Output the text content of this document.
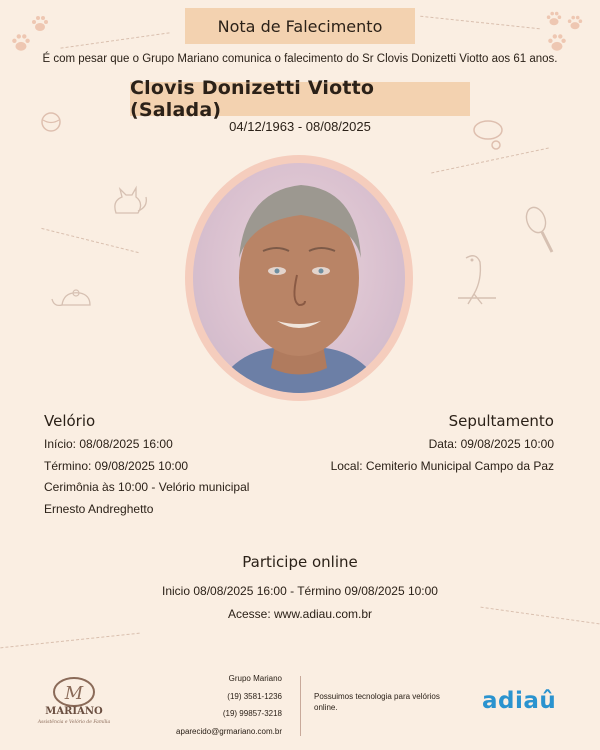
Nota de Falecimento
É com pesar que o Grupo Mariano comunica o falecimento do Sr Clovis Donizetti Viotto aos 61 anos.
Clovis Donizetti Viotto (Salada)
04/12/1963 - 08/08/2025
Velório
Início: 08/08/2025 16:00
Término: 09/08/2025 10:00
Cerimônia às 10:00 - Velório municipal
Ernesto Andreghetto
Sepultamento
Data: 09/08/2025 10:00
Local: Cemiterio Municipal Campo da Paz
Participe online
Inicio 08/08/2025 16:00 - Término 09/08/2025 10:00
Acesse: www.adiau.com.br
M
MARIANO
Assistência e Velório de Família
Grupo Mariano
(19) 3581-1236
(19) 99857-3218
aparecido@grmariano.com.br
Possuimos tecnologia para velórios online.	adiaû
